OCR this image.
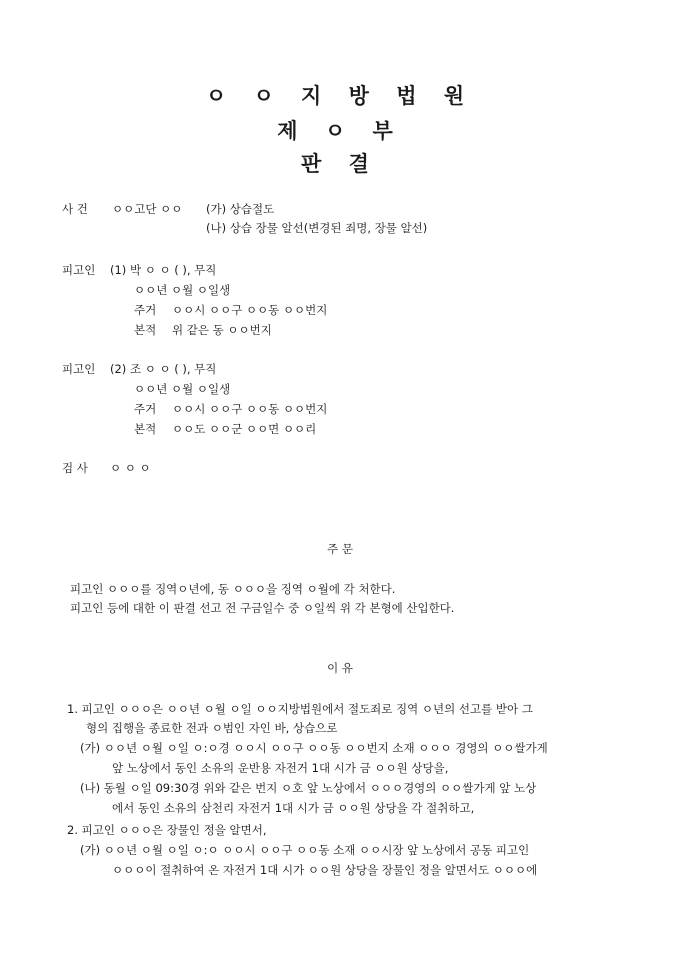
ㅇ ㅇ 지 방 법 원
제 ㅇ 부
판 결
사 건 ㅇㅇ고단 ㅇㅇ (가) 상습절도
(나) 상습 장물 알선(변경된 죄명, 장물 알선)
피고인 (1) 박 ㅇ ㅇ ( ), 무직
ㅇㅇ년 ㅇ월 ㅇ일생
주거 ㅇㅇ시 ㅇㅇ구 ㅇㅇ동 ㅇㅇ번지
본적 위 같은 동 ㅇㅇ번지
피고인 (2) 조 ㅇ ㅇ ( ), 무직
ㅇㅇ년 ㅇ월 ㅇ일생
주거 ㅇㅇ시 ㅇㅇ구 ㅇㅇ동 ㅇㅇ번지
본적 ㅇㅇ도 ㅇㅇ군 ㅇㅇ면 ㅇㅇ리
검 사 ㅇ ㅇ ㅇ
주 문
피고인 ㅇㅇㅇ를 징역ㅇ년에, 동 ㅇㅇㅇ을 징역 ㅇ월에 각 처한다.
피고인 등에 대한 이 판결 선고 전 구금일수 중 ㅇ일씩 위 각 본형에 산입한다.
이 유
1. 피고인 ㅇㅇㅇ은 ㅇㅇ년 ㅇ월 ㅇ일 ㅇㅇ지방법원에서 절도죄로 징역 ㅇ년의 선고를 받아 그
형의 집행을 종료한 전과 ㅇ범인 자인 바, 상습으로
(가) ㅇㅇ년 ㅇ월 ㅇ일 ㅇ:ㅇ경 ㅇㅇ시 ㅇㅇ구 ㅇㅇ동 ㅇㅇ번지 소재 ㅇㅇㅇ 경영의 ㅇㅇ쌀가게
앞 노상에서 동인 소유의 운반용 자전거 1대 시가 금 ㅇㅇ원 상당을,
(나) 동월 ㅇ일 09:30경 위와 같은 번지 ㅇ호 앞 노상에서 ㅇㅇㅇ경영의 ㅇㅇ쌀가게 앞 노상
에서 동인 소유의 삼천리 자전거 1대 시가 금 ㅇㅇ원 상당을 각 절취하고,
2. 피고인 ㅇㅇㅇ은 장물인 정을 알면서,
(가) ㅇㅇ년 ㅇ월 ㅇ일 ㅇ:ㅇ ㅇㅇ시 ㅇㅇ구 ㅇㅇ동 소재 ㅇㅇ시장 앞 노상에서 공동 피고인
ㅇㅇㅇ이 절취하여 온 자전거 1대 시가 ㅇㅇ원 상당을 장물인 정을 알면서도 ㅇㅇㅇ에
